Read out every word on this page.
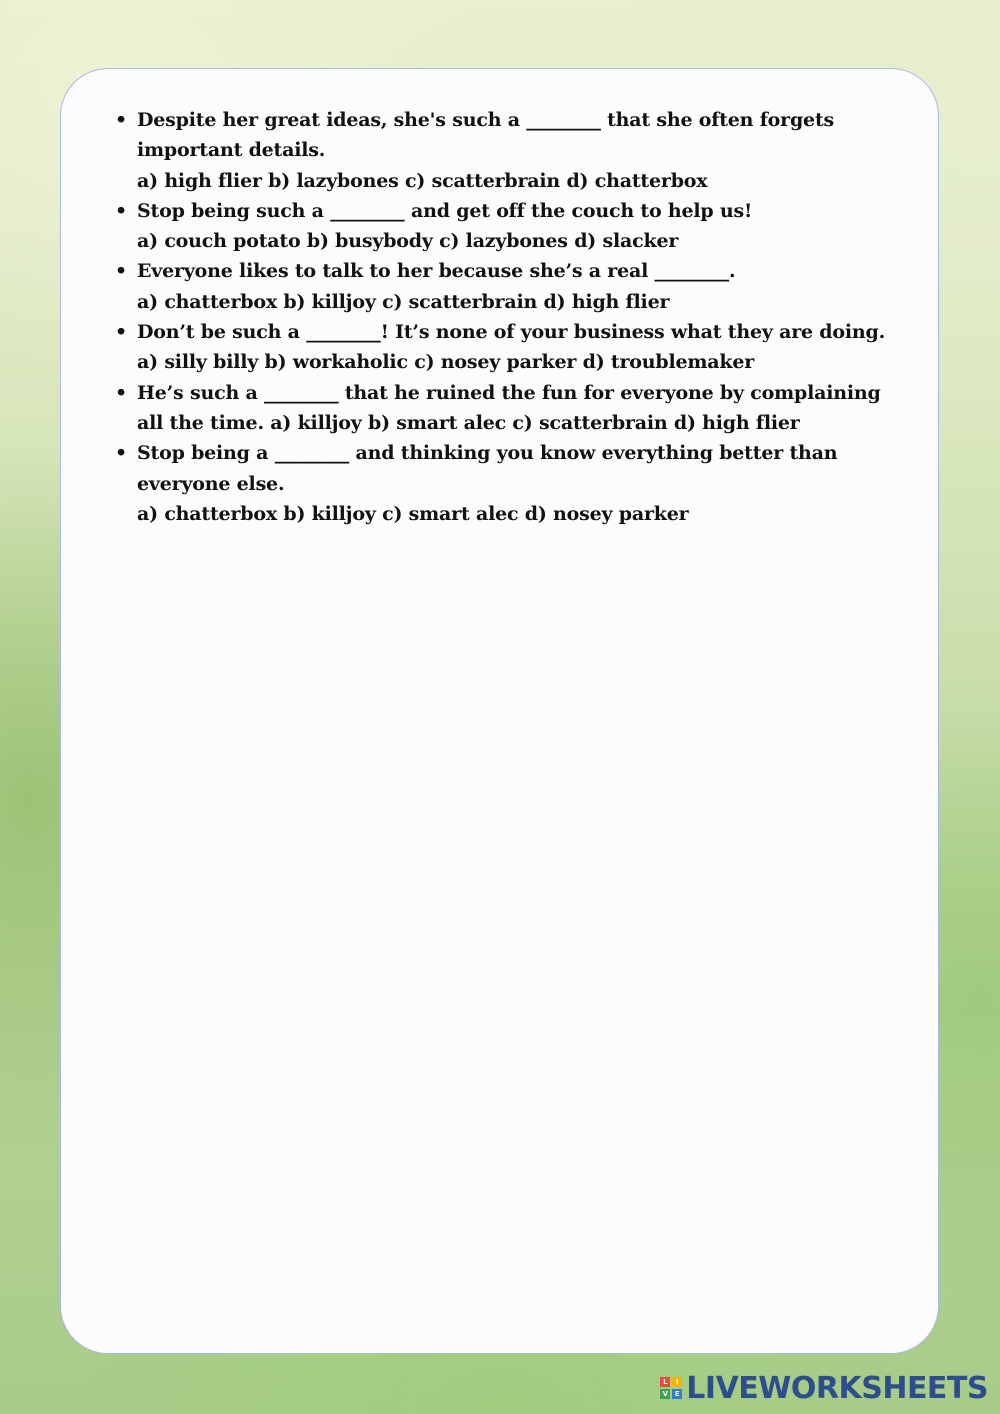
• Despite her great ideas, she's such a ________ that she often forgets important details.
a) high flier b) lazybones c) scatterbrain d) chatterbox
• Stop being such a ________ and get off the couch to help us!
a) couch potato b) busybody c) lazybones d) slacker
• Everyone likes to talk to her because she’s a real ________.
a) chatterbox b) killjoy c) scatterbrain d) high flier
• Don’t be such a ________! It’s none of your business what they are doing.
a) silly billy b) workaholic c) nosey parker d) troublemaker
• He’s such a ________ that he ruined the fun for everyone by complaining all the time. a) killjoy b) smart alec c) scatterbrain d) high flier
• Stop being a ________ and thinking you know everything better than everyone else.
a) chatterbox b) killjoy c) smart alec d) nosey parker
L	I
V E LIVEWORKSHEETS
